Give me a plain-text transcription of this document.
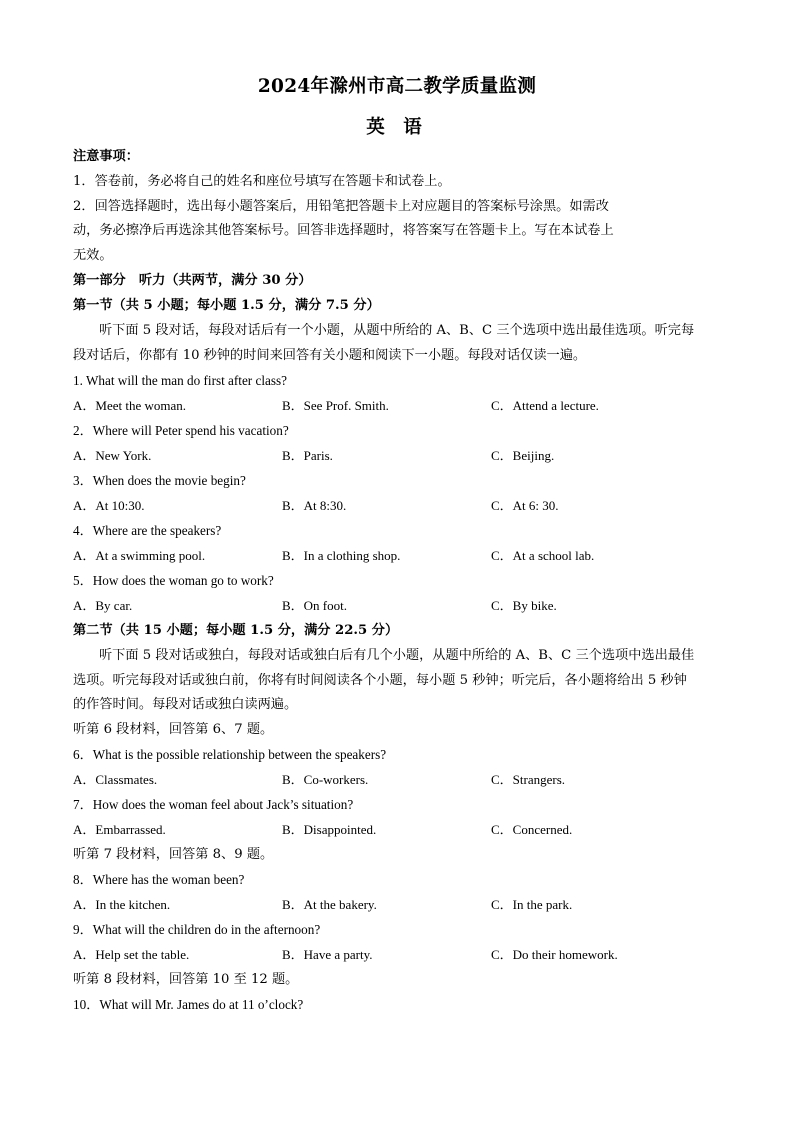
2024年滁州市高二教学质量监测
英 语
注意事项：
1．答卷前，务必将自己的姓名和座位号填写在答题卡和试卷上。
2．回答选择题时，选出每小题答案后，用铅笔把答题卡上对应题目的答案标号涂黑。如需改
动，务必擦净后再选涂其他答案标号。回答非选择题时，将答案写在答题卡上。写在本试卷上
无效。
第一部分　听力（共两节，满分 30 分）
第一节（共 5 小题；每小题 1.5 分，满分 7.5 分）
听下面 5 段对话，每段对话后有一个小题，从题中所给的 A、B、C 三个选项中选出最佳选项。听完每
段对话后，你都有 10 秒钟的时间来回答有关小题和阅读下一小题。每段对话仅读一遍。
1. What will the man do first after class?
A．Meet the woman.	B．See Prof. Smith.	C．Attend a lecture.
2．Where will Peter spend his vacation?
A．New York.	B．Paris.	C．Beijing.
3．When does the movie begin?
A．At 10:30.	B．At 8:30.	C．At 6: 30.
4．Where are the speakers?
A．At a swimming pool.	B．In a clothing shop.	C．At a school lab.
5．How does the woman go to work?
A．By car.	B．On foot.	C．By bike.
第二节（共 15 小题；每小题 1.5 分，满分 22.5 分）
听下面 5 段对话或独白，每段对话或独白后有几个小题，从题中所给的 A、B、C 三个选项中选出最佳
选项。听完每段对话或独白前，你将有时间阅读各个小题，每小题 5 秒钟；听完后，各小题将给出 5 秒钟
的作答时间。每段对话或独白读两遍。
听第 6 段材料，回答第 6、7 题。
6．What is the possible relationship between the speakers?
A．Classmates.	B．Co-workers.	C．Strangers.
7．How does the woman feel about Jack’s situation?
A．Embarrassed.	B．Disappointed.	C．Concerned.
听第 7 段材料，回答第 8、9 题。
8．Where has the woman been?
A．In the kitchen.	B．At the bakery.	C．In the park.
9．What will the children do in the afternoon?
A．Help set the table.	B．Have a party.	C．Do their homework.
听第 8 段材料，回答第 10 至 12 题。
10．What will Mr. James do at 11 o’clock?
